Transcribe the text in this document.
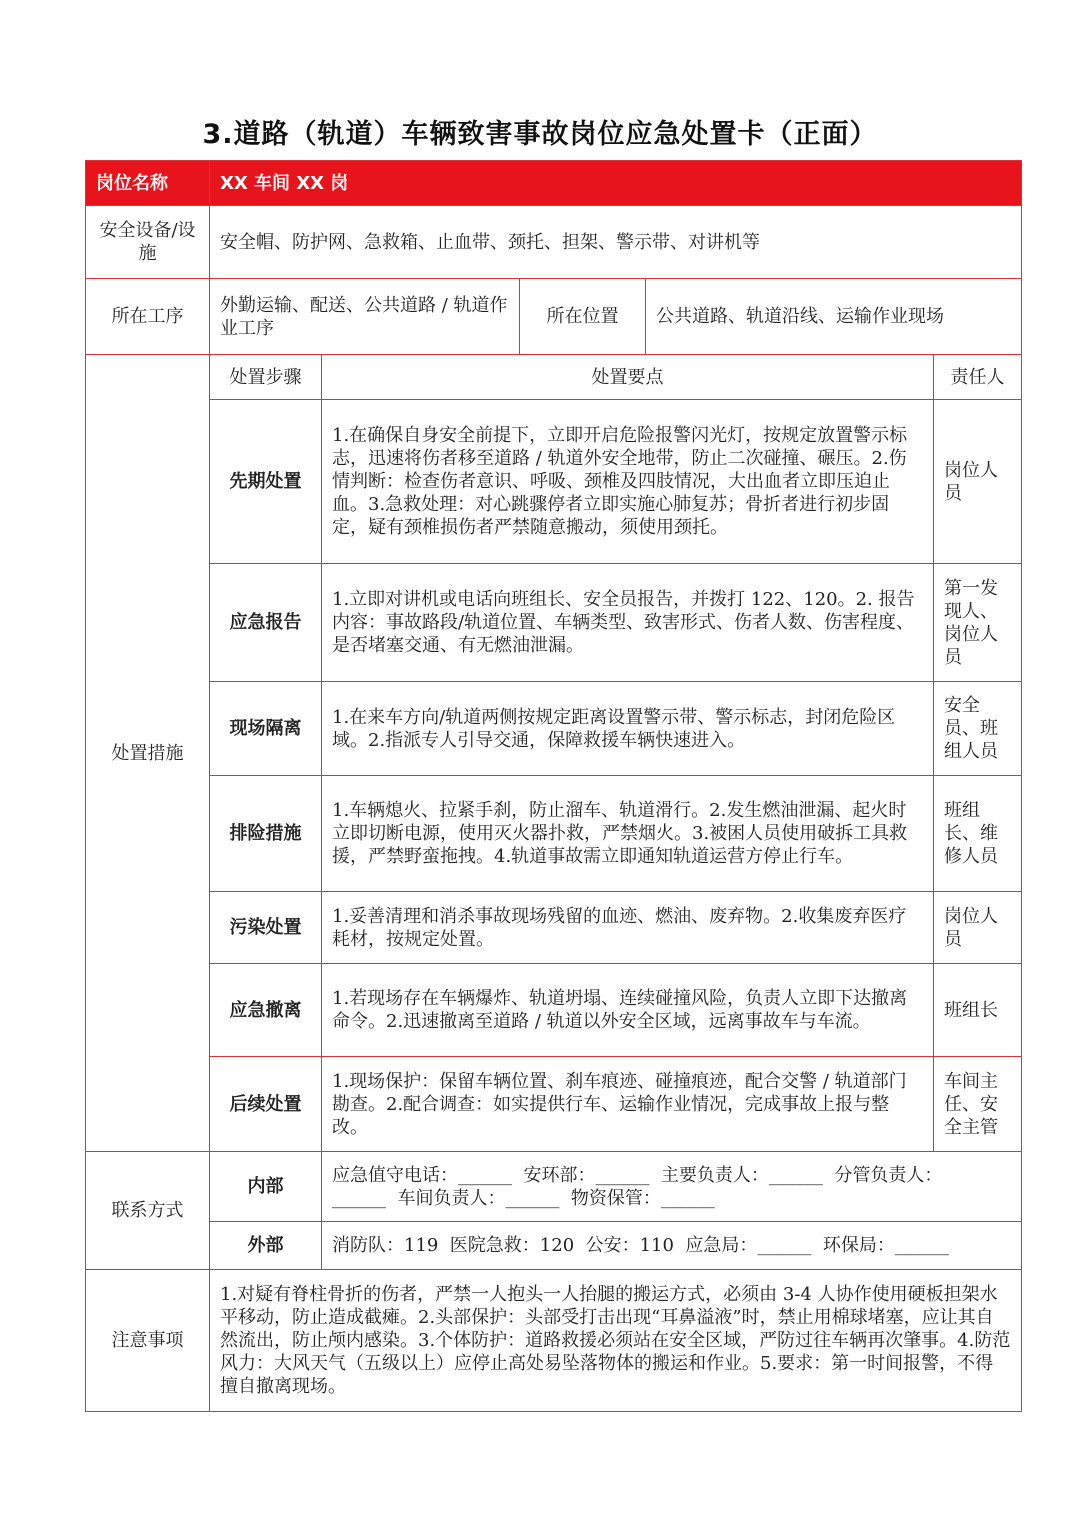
3.道路（轨道）车辆致害事故岗位应急处置卡（正面）
岗位名称	XX 车间 XX 岗				
安全设备/设施	安全帽、防护网、急救箱、止血带、颈托、担架、警示带、对讲机等				
所在工序	外勤运输、配送、公共道路 / 轨道作业工序		所在位置	公共道路、轨道沿线、运输作业现场	
处置措施	处置步骤	处置要点			责任人
	先期处置	1.在确保自身安全前提下，立即开启危险报警闪光灯，按规定放置警示标志，迅速将伤者移至道路 / 轨道外安全地带，防止二次碰撞、碾压。2.伤情判断：检查伤者意识、呼吸、颈椎及四肢情况，大出血者立即压迫止血。3.急救处理：对心跳骤停者立即实施心肺复苏；骨折者进行初步固定，疑有颈椎损伤者严禁随意搬动，须使用颈托。			岗位人员
	应急报告	1.立即对讲机或电话向班组长、安全员报告，并拨打 122、120。2. 报告内容：事故路段/轨道位置、车辆类型、致害形式、伤者人数、伤害程度、是否堵塞交通、有无燃油泄漏。			第一发现人、岗位人员
	现场隔离	1.在来车方向/轨道两侧按规定距离设置警示带、警示标志，封闭危险区域。2.指派专人引导交通，保障救援车辆快速进入。			安全员、班组人员
	排险措施	1.车辆熄火、拉紧手刹，防止溜车、轨道滑行。2.发生燃油泄漏、起火时立即切断电源，使用灭火器扑救，严禁烟火。3.被困人员使用破拆工具救援，严禁野蛮拖拽。4.轨道事故需立即通知轨道运营方停止行车。			班组长、维修人员
	污染处置	1.妥善清理和消杀事故现场残留的血迹、燃油、废弃物。2.收集废弃医疗耗材，按规定处置。			岗位人员
	应急撤离	1.若现场存在车辆爆炸、轨道坍塌、连续碰撞风险，负责人立即下达撤离命令。2.迅速撤离至道路 / 轨道以外安全区域，远离事故车与车流。			班组长
	后续处置	1.现场保护：保留车辆位置、刹车痕迹、碰撞痕迹，配合交警 / 轨道部门勘查。2.配合调查：如实提供行车、运输作业情况，完成事故上报与整改。			车间主任、安全主管
联系方式	内部	应急值守电话：______  安环部：______  主要负责人：______  分管负责人：
______  车间负责人：______  物资保管：______			

	外部	消防队：119  医院急救：120  公安：110  应急局：______  环保局：______			
注意事项	1.对疑有脊柱骨折的伤者，严禁一人抱头一人抬腿的搬运方式，必须由 3-4 人协作使用硬板担架水平移动，防止造成截瘫。2.头部保护：头部受打击出现“耳鼻溢液”时，禁止用棉球堵塞，应让其自然流出，防止颅内感染。3.个体防护：道路救援必须站在安全区域，严防过往车辆再次肇事。4.防范风力：大风天气（五级以上）应停止高处易坠落物体的搬运和作业。5.要求：第一时间报警，不得擅自撤离现场。				
